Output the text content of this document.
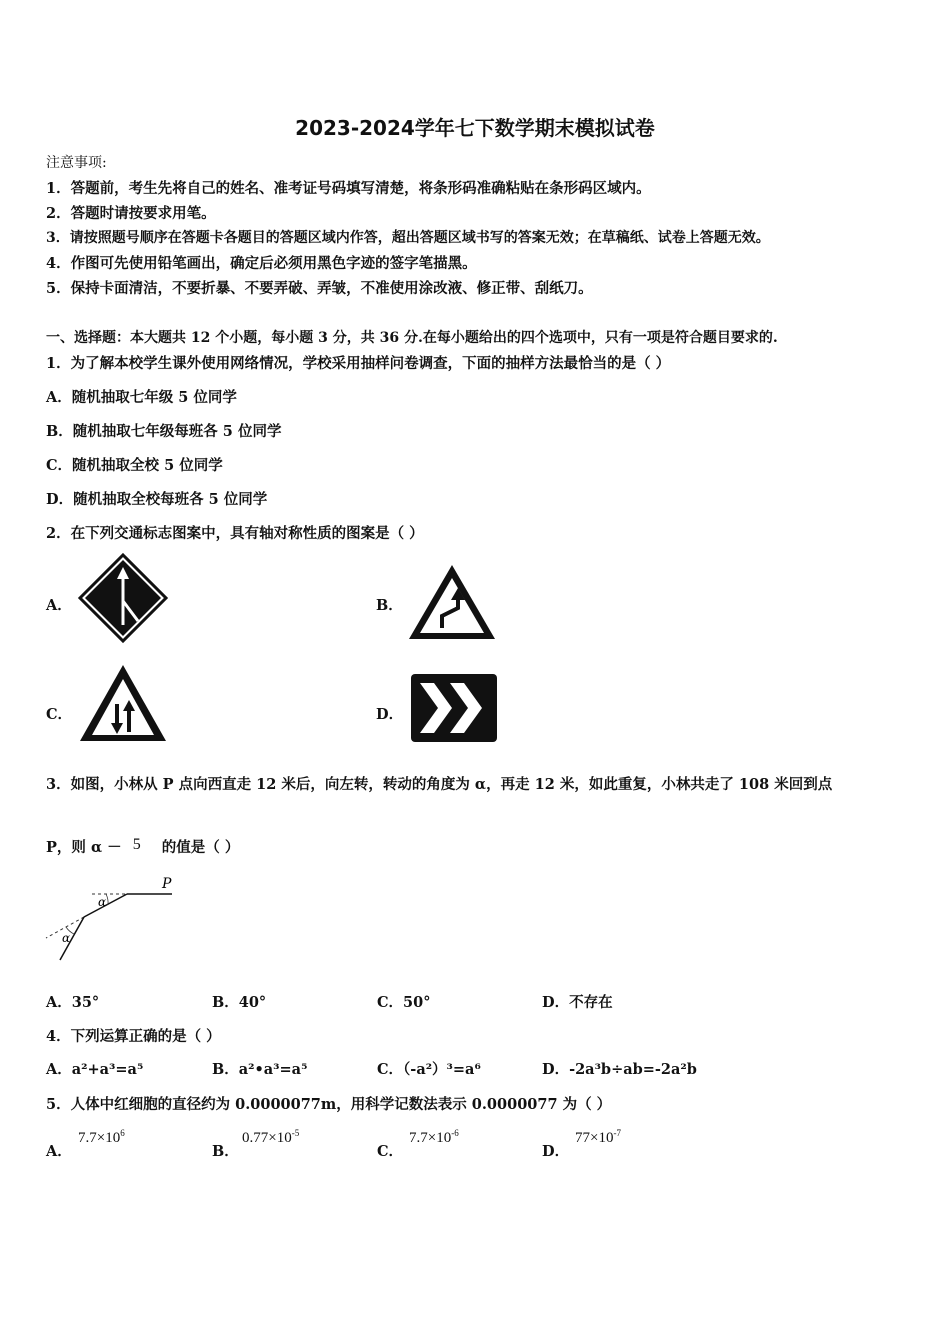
2023-2024学年七下数学期末模拟试卷
注意事项:
1．答题前，考生先将自己的姓名、准考证号码填写清楚，将条形码准确粘贴在条形码区域内。
2．答题时请按要求用笔。
3．请按照题号顺序在答题卡各题目的答题区域内作答，超出答题区域书写的答案无效；在草稿纸、试卷上答题无效。
4．作图可先使用铅笔画出，确定后必须用黑色字迹的签字笔描黑。
5．保持卡面清洁，不要折暴、不要弄破、弄皱，不准使用涂改液、修正带、刮纸刀。
一、选择题：本大题共 12 个小题，每小题 3 分，共 36 分.在每小题给出的四个选项中，只有一项是符合题目要求的.
1．为了解本校学生课外使用网络情况，学校采用抽样问卷调查，下面的抽样方法最恰当的是（ ）
A．随机抽取七年级 5 位同学
B．随机抽取七年级每班各 5 位同学
C．随机抽取全校 5 位同学
D．随机抽取全校每班各 5 位同学
2．在下列交通标志图案中，具有轴对称性质的图案是（ ）
A．	B．
C．	D．
3．如图，小林从 P 点向西直走 12 米后，向左转，转动的角度为 α，再走 12 米，如此重复，小林共走了 108 米回到点
P，则 α － 5 的值是（ ）
P
α
α
A．35°	B．40°	C．50°	D．不存在
4．下列运算正确的是（ ）
A．a²+a³=a⁵	B．a²•a³=a⁵	C．（-a²）³=a⁶	D．-2a³b÷ab=-2a²b
5．人体中红细胞的直径约为 0.0000077m，用科学记数法表示 0.0000077 为（ ）
A．
$7.7\times 10^6$
B．
$0.77\times 10^{-5}$
C．
$7.7\times 10^{-6}$
D．
$77\times 10^{-7}$
